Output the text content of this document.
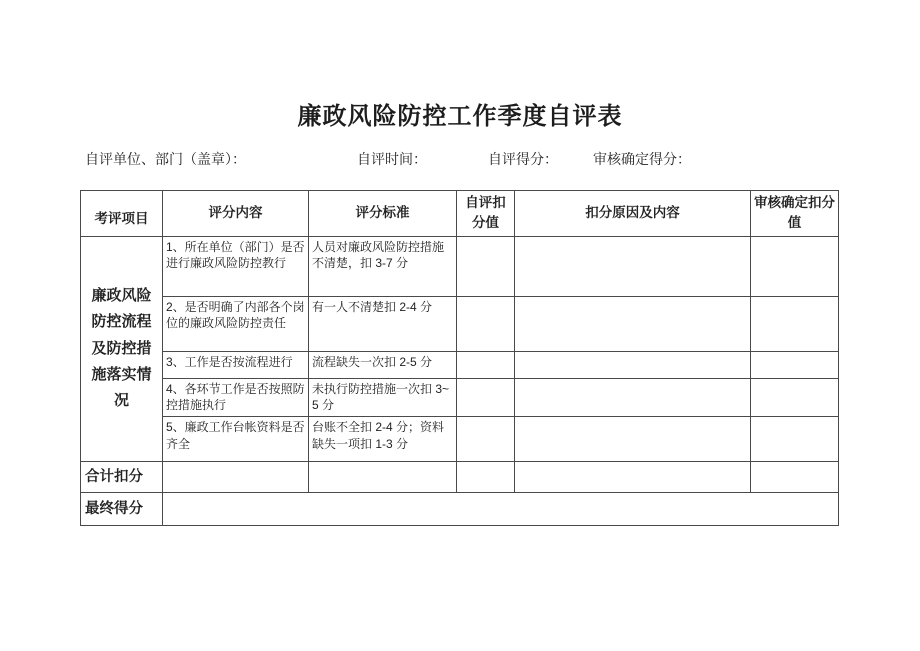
廉政风险防控工作季度自评表
自评单位、部门（盖章）：	自评时间：	自评得分：	审核确定得分：
考评项目	评分内容	评分标准	自评扣分值	扣分原因及内容	审核确定扣分值
廉政风险防控流程及防控措施落实情况	1、所在单位（部门）是否进行廉政风险防控教行	人员对廉政风险防控措施不清楚，扣 3-7 分			
	2、是否明确了内部各个岗位的廉政风险防控责任	有一人不清楚扣 2-4 分			
	3、工作是否按流程进行	流程缺失一次扣 2-5 分			
	4、各环节工作是否按照防控措施执行	未执行防控措施一次扣 3~5 分			
	5、廉政工作台帐资料是否齐全	台账不全扣 2-4 分；资料缺失一项扣 1-3 分			
合计扣分					
最终得分					
